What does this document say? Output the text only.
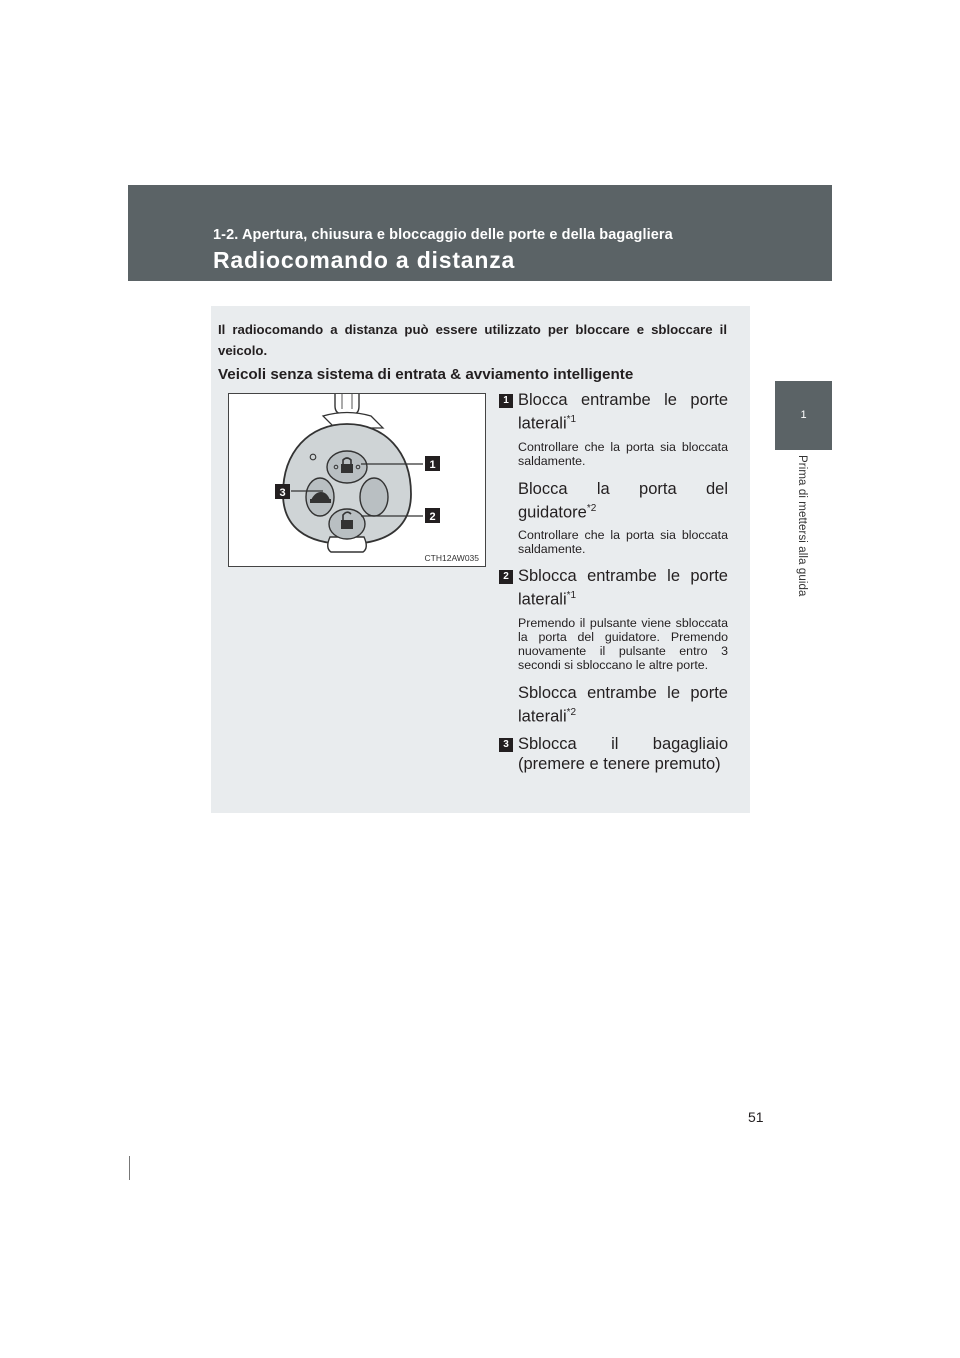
1-2. Apertura, chiusura e bloccaggio delle porte e della bagagliera
Radiocomando a distanza
1
Prima di mettersi alla guida
Il radiocomando a distanza può essere utilizzato per bloccare e sbloccare il veicolo.
Veicoli senza sistema di entrata & avviamento intelligente
1
2
3
CTH12AW035
1 Blocca entrambe le porte laterali$^{*1}$
Controllare che la porta sia bloccata saldamente.
Blocca la porta del guidatore$^{*2}$
Controllare che la porta sia bloccata saldamente.
2 Sblocca entrambe le porte laterali$^{*1}$
Premendo il pulsante viene sbloccata la porta del guidatore. Premendo nuovamente il pulsante entro 3 secondi si sbloccano le altre porte.
Sblocca entrambe le porte laterali$^{*2}$
3 Sblocca il bagagliaio (premere e tenere premuto)
51
